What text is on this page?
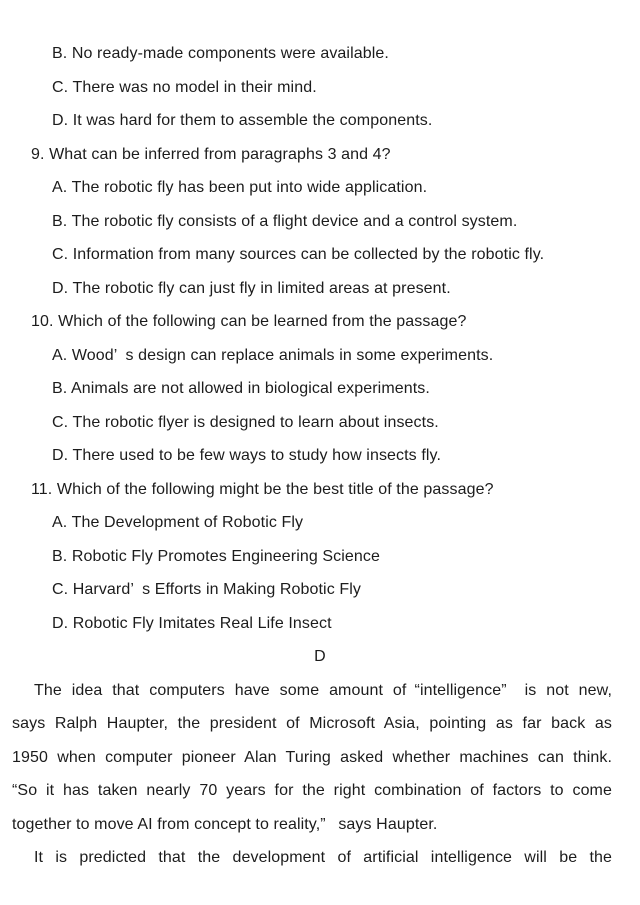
B. No ready-made components were available.
C. There was no model in their mind.
D. It was hard for them to assemble the components.
9. What can be inferred from paragraphs 3 and 4?
A. The robotic fly has been put into wide application.
B. The robotic fly consists of a flight device and a control system.
C. Information from many sources can be collected by the robotic fly.
D. The robotic fly can just fly in limited areas at present.
10. Which of the following can be learned from the passage?
A. Wood’ s design can replace animals in some experiments.
B. Animals are not allowed in biological experiments.
C. The robotic flyer is designed to learn about insects.
D. There used to be few ways to study how insects fly.
11. Which of the following might be the best title of the passage?
A. The Development of Robotic Fly
B. Robotic Fly Promotes Engineering Science
C. Harvard’ s Efforts in Making Robotic Fly
D. Robotic Fly Imitates Real Life Insect
D
The idea that computers have some amount of “intelligence”  is not new,
says Ralph Haupter, the president of Microsoft Asia, pointing as far back as
1950 when computer pioneer Alan Turing asked whether machines can think.
“So it has taken nearly 70 years for the right combination of factors to come
together to move AI from concept to reality,”  says Haupter.
It is predicted that the development of artificial intelligence will be the
